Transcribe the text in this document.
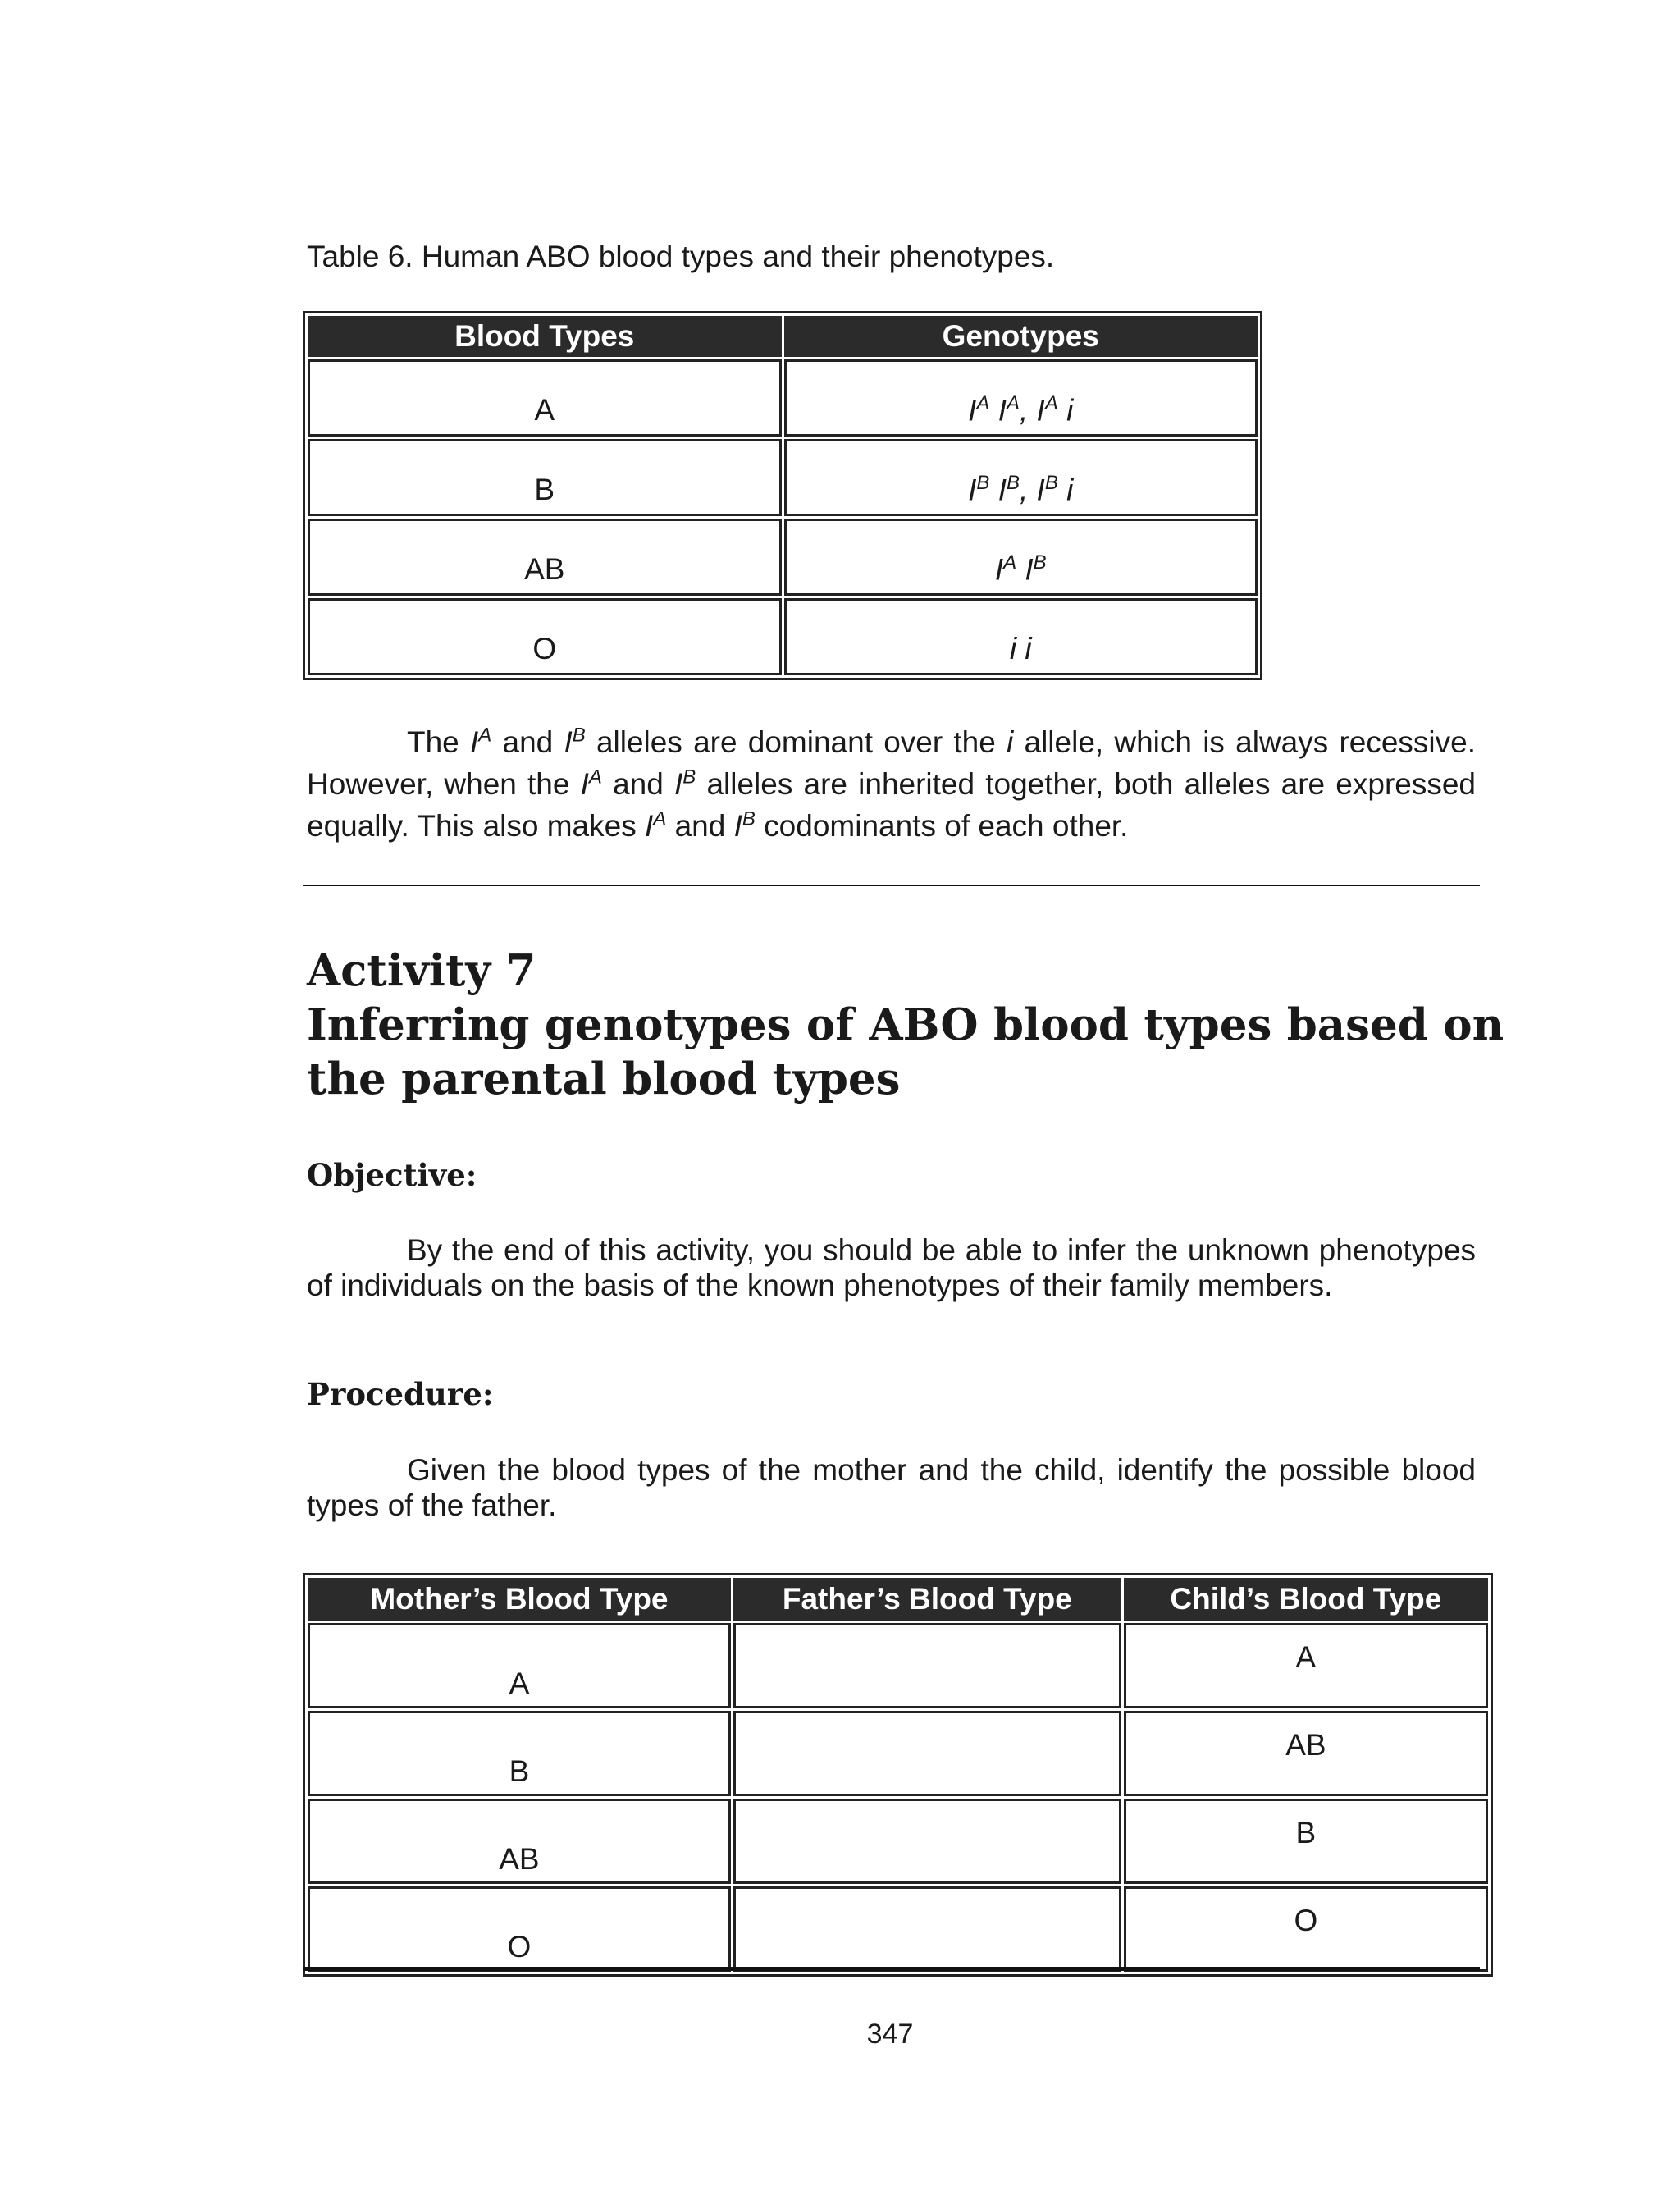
Table 6. Human ABO blood types and their phenotypes.
Blood Types	Genotypes
A	$I^A$ $I^A$, $I^A$ i
B	$I^B$ $I^B$, $I^B$ i
AB	$I^A$ $I^B$
O	i i

The $I^A$ and $I^B$ alleles are dominant over the i allele, which is always recessive. However, when the $I^A$ and $I^B$ alleles are inherited together, both alleles are expressed equally. This also makes $I^A$ and $I^B$ codominants of each other.

Activity 7
Inferring genotypes of ABO blood types based on the parental blood types
Objective:

By the end of this activity, you should be able to infer the unknown phenotypes of individuals on the basis of the known phenotypes of their family members.

Procedure:

Given the blood types of the mother and the child, identify the possible blood types of the father.

Mother’s Blood Type	Father’s Blood Type	Child’s Blood Type
A		A
B		AB
AB		B
O		O
347
